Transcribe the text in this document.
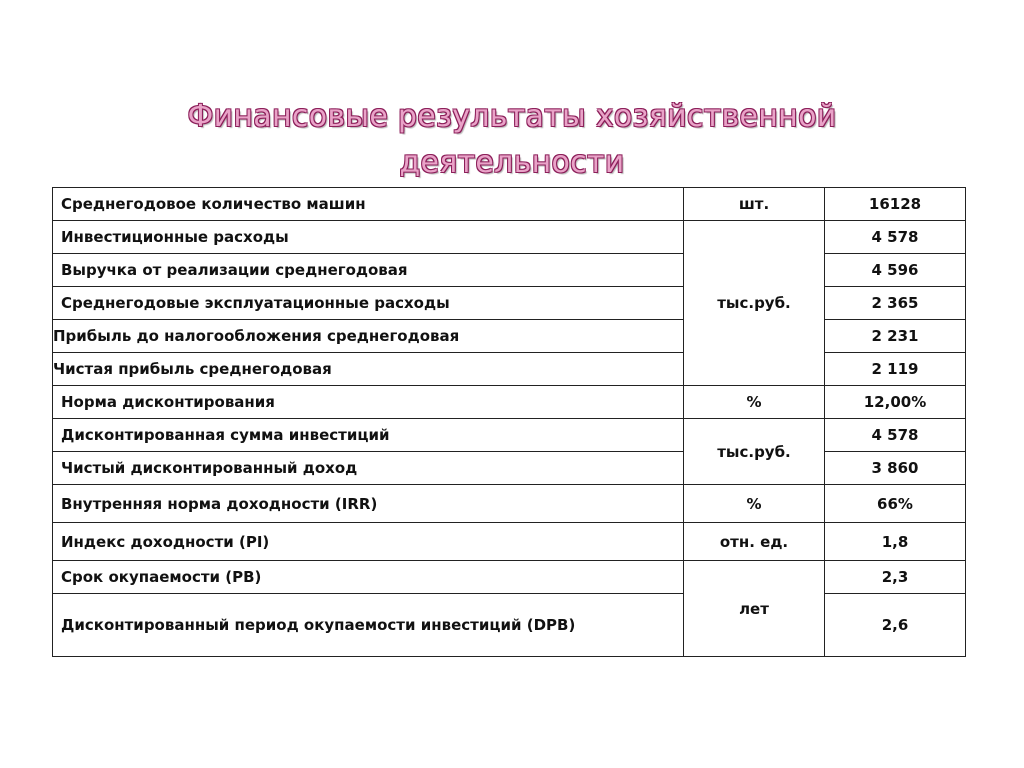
Финансовые результаты хозяйственной
деятельности
Среднегодовое количество машин	шт.	16128
Инвестиционные расходы	тыс.руб.	4 578
Выручка от реализации среднегодовая		4 596
Среднегодовые эксплуатационные расходы		2 365
Прибыль до налогообложения среднегодовая		2 231
Чистая прибыль среднегодовая		2 119
Норма дисконтирования	%	12,00%
Дисконтированная сумма инвестиций	тыс.руб.	4 578
Чистый дисконтированный доход		3 860
Внутренняя норма доходности (IRR)	%	66%
Индекс доходности (PI)	отн. ед.	1,8
Срок окупаемости (PB)	лет	2,3
Дисконтированный период окупаемости инвестиций (DPB)		2,6
